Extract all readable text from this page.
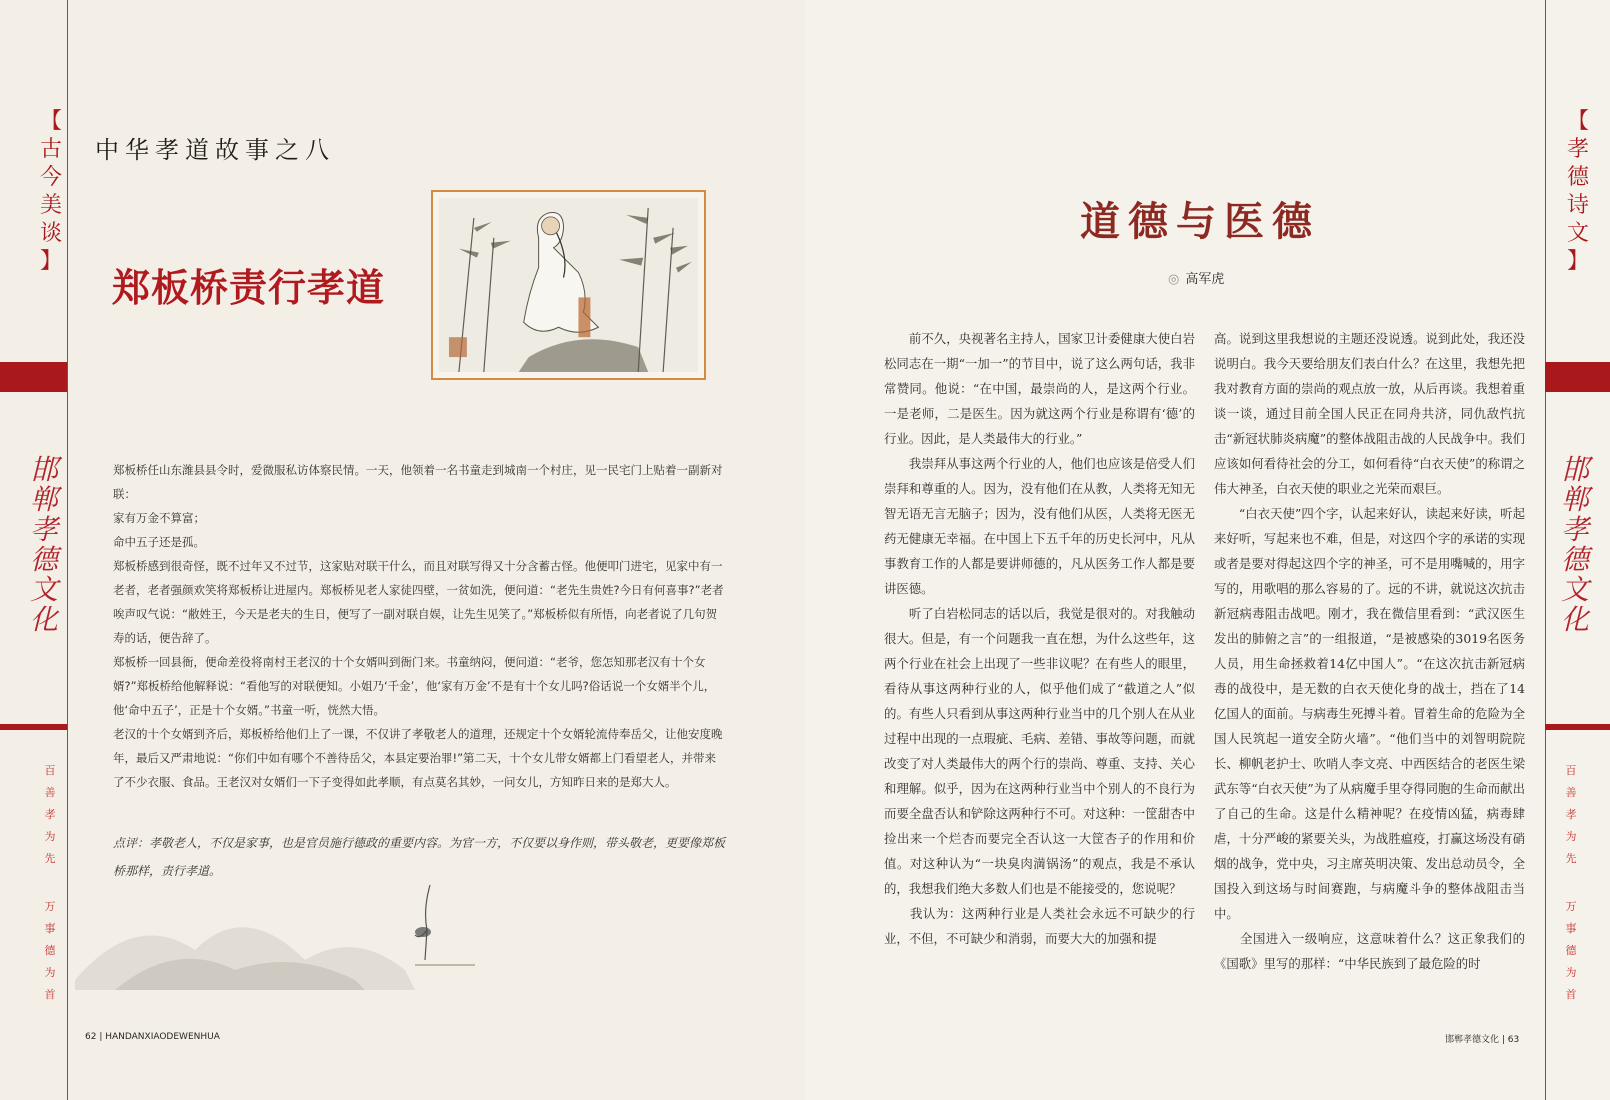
【
古
今
美
谈
】
邯
郸
孝
德
文
化
百
善
孝
为
先
万
事
德
为
首
中华孝道故事之八
郑板桥责行孝道

郑板桥任山东潍县县令时，爱微服私访体察民情。一天，他领着一名书童走到城南一个村庄，见一民宅门上贴着一副新对联：

家有万金不算富；

命中五子还是孤。

郑板桥感到很奇怪，既不过年又不过节，这家贴对联干什么，而且对联写得又十分含蓄古怪。他便叩门进宅，见家中有一老者，老者强颜欢笑将郑板桥让进屋内。郑板桥见老人家徒四壁，一贫如洗，便问道：“老先生贵姓?今日有何喜事?”老者唉声叹气说：“敝姓王，今天是老夫的生日，便写了一副对联自娱，让先生见笑了。”郑板桥似有所悟，向老者说了几句贺寿的话，便告辞了。

郑板桥一回县衙，便命差役将南村王老汉的十个女婿叫到衙门来。书童纳闷，便问道：“老爷，您怎知那老汉有十个女婿?”郑板桥给他解释说：“看他写的对联便知。小姐乃‘千金’，他‘家有万金’不是有十个女儿吗?俗话说一个女婿半个儿，他‘命中五子’，正是十个女婿。”书童一听，恍然大悟。

老汉的十个女婿到齐后，郑板桥给他们上了一课，不仅讲了孝敬老人的道理，还规定十个女婿轮流侍奉岳父，让他安度晚年，最后又严肃地说：“你们中如有哪个不善待岳父，本县定要治罪!”第二天，十个女儿带女婿都上门看望老人，并带来了不少衣服、食品。王老汉对女婿们一下子变得如此孝顺，有点莫名其妙，一问女儿，方知昨日来的是郑大人。

点评：孝敬老人，不仅是家事，也是官员施行德政的重要内容。为官一方，不仅要以身作则，带头敬老，更要像郑板桥那样，责行孝道。
62 | HANDANXIAODEWENHUA
【
孝
德
诗
文
】
邯
郸
孝
德
文
化
百
善
孝
为
先
万
事
德
为
首
邯郸孝德文化 | 63
道德与医德
◎ 高军虎

　　前不久，央视著名主持人，国家卫计委健康大使白岩松同志在一期“一加一”的节目中，说了这么两句话，我非常赞同。他说：“在中国，最崇尚的人，是这两个行业。一是老师，二是医生。因为就这两个行业是称谓有‘德’的行业。因此，是人类最伟大的行业。”

　　我崇拜从事这两个行业的人，他们也应该是倍受人们崇拜和尊重的人。因为，没有他们在从教，人类将无知无智无语无言无脑子；因为，没有他们从医，人类将无医无药无健康无幸福。在中国上下五千年的历史长河中，凡从事教育工作的人都是要讲师德的，凡从医务工作人都是要讲医德。

　　听了白岩松同志的话以后，我觉是很对的。对我触动很大。但是，有一个问题我一直在想，为什么这些年，这两个行业在社会上出现了一些非议呢？在有些人的眼里，看待从事这两种行业的人，似乎他们成了“截道之人”似的。有些人只看到从事这两种行业当中的几个别人在从业过程中出现的一点瑕疵、毛病、差错、事故等问题，而就改变了对人类最伟大的两个行的崇尚、尊重、支持、关心和理解。似乎，因为在这两种行业当中个别人的不良行为而要全盘否认和铲除这两种行不可。对这种：一筐甜杏中捡出来一个烂杏而要完全否认这一大筐杏子的作用和价值。对这种认为“一块臭肉満锅汤”的观点，我是不承认的，我想我们绝大多数人们也是不能接受的，您说呢？

　　我认为：这两种行业是人类社会永远不可缺少的行业，不但，不可缺少和消弱，而要大大的加强和提

高。说到这里我想说的主题还没说透。说到此处，我还没说明白。我今天要给朋友们表白什么？在这里，我想先把我对教育方面的崇尚的观点放一放，从后再谈。我想着重谈一谈，通过目前全国人民正在同舟共济，同仇敌忾抗击“新冠状肺炎病魔”的整体战阻击战的人民战争中。我们应该如何看待社会的分工，如何看待“白衣天使”的称谓之伟大神圣，白衣天使的职业之光荣而艰巨。

　　“白衣天使”四个字，认起来好认，读起来好读，听起来好听，写起来也不难，但是，对这四个字的承诺的实现或者是要对得起这四个字的神圣，可不是用嘴喊的，用字写的，用歌唱的那么容易的了。远的不讲，就说这次抗击新冠病毒阻击战吧。刚才，我在微信里看到：“武汉医生发出的肺俯之言”的一组报道，“是被感染的3019名医务人员，用生命拯救着14亿中国人”。“在这次抗击新冠病毒的战役中，是无数的白衣天使化身的战士，挡在了14亿国人的面前。与病毒生死搏斗着。冒着生命的危险为全国人民筑起一道安全防火墙”。“他们当中的刘智明院院长、柳帆老护士、吹哨人李文亮、中西医结合的老医生梁武东等“白衣天使”为了从病魔手里夺得同胞的生命而献出了自己的生命。这是什么精神呢？在疫情凶猛，病毒肆虐，十分严峻的紧要关头，为战胜瘟疫，打赢这场没有硝烟的战争，党中央，习主席英明决策、发出总动员令，全国投入到这场与时间赛跑，与病魔斗争的整体战阻击当中。

　　全国进入一级响应，这意味着什么？这正象我们的《国歌》里写的那样：“中华民族到了最危险的时
